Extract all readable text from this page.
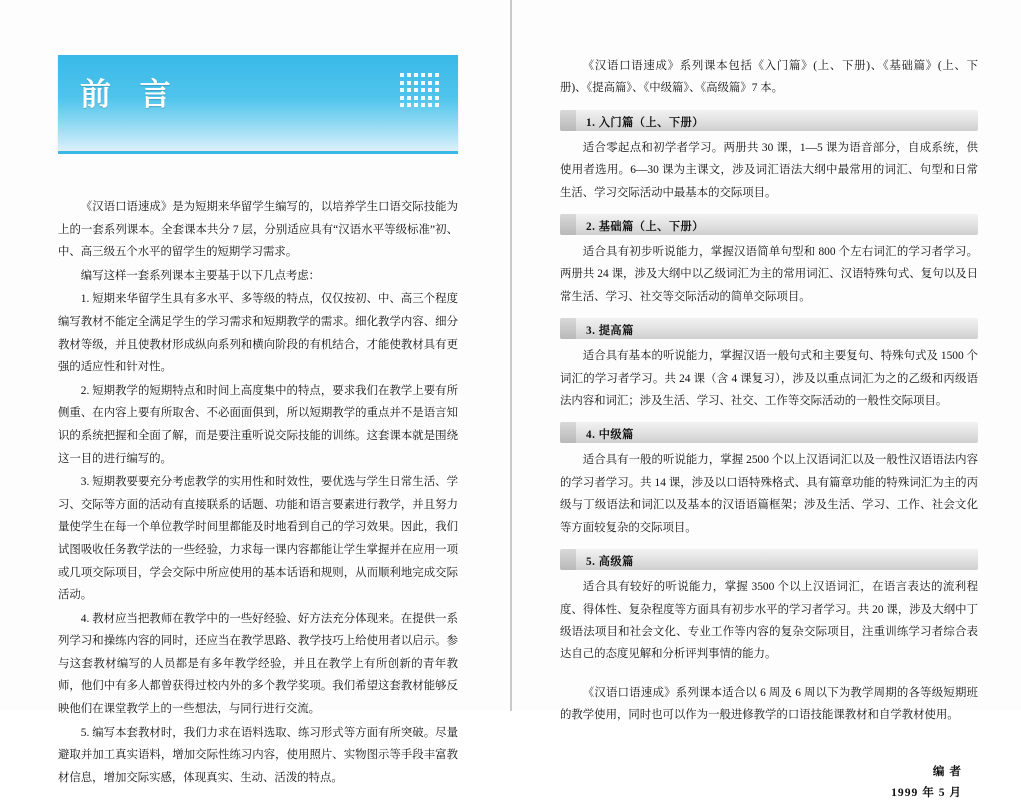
前 言

《汉语口语速成》是为短期来华留学生编写的，以培养学生口语交际技能为上的一套系列课本。全套课本共分 7 层，分别适应具有“汉语水平等级标准”初、中、高三级五个水平的留学生的短期学习需求。

编写这样一套系列课本主要基于以下几点考虑：

1. 短期来华留学生具有多水平、多等级的特点，仅仅按初、中、高三个程度编写教材不能定全满足学生的学习需求和短期教学的需求。细化教学内容、细分教材等级，并且使教材形成纵向系列和横向阶段的有机结合，才能使教材具有更强的适应性和针对性。

2. 短期教学的短期特点和时间上高度集中的特点，要求我们在教学上要有所侧重、在内容上要有所取舍、不必面面俱到，所以短期教学的重点并不是语言知识的系统把握和全面了解，而是要注重听说交际技能的训练。这套课本就是围绕这一目的进行编写的。

3. 短期教要要充分考虑教学的实用性和时效性，要优选与学生日常生活、学习、交际等方面的活动有直接联系的话题、功能和语言要素进行教学，并且努力量使学生在每一个单位教学时间里都能及时地看到自己的学习效果。因此，我们试图吸收任务教学法的一些经验，力求每一课内容都能让学生掌握并在应用一项或几项交际项目，学会交际中所应使用的基本话语和规则，从而顺利地完成交际活动。

4. 教材应当把教师在教学中的一些好经验、好方法充分体现来。在提供一系列学习和操练内容的同时，还应当在教学思路、教学技巧上给使用者以启示。参与这套教材编写的人员都是有多年教学经验，并且在教学上有所创新的青年教师，他们中有多人都曾获得过校内外的多个教学奖项。我们希望这套教材能够反映他们在课堂教学上的一些想法，与同行进行交流。

5. 编写本套教材时，我们力求在语料选取、练习形式等方面有所突破。尽量避取并加工真实语料，增加交际性练习内容，使用照片、实物图示等手段丰富教材信息，增加交际实感，体现真实、生动、活泼的特点。

《汉语口语速成》系列课本包括《入门篇》(上、下册)、《基础篇》(上、下册)、《提高篇》、《中级篇》、《高级篇》7 本。

1. 入门篇（上、下册）

适合零起点和初学者学习。两册共 30 课，1—5 课为语音部分，自成系统，供使用者选用。6—30 课为主课文，涉及词汇语法大纲中最常用的词汇、句型和日常生活、学习交际活动中最基本的交际项目。

2. 基础篇（上、下册）

适合具有初步听说能力，掌握汉语简单句型和 800 个左右词汇的学习者学习。两册共 24 课，涉及大纲中以乙级词汇为主的常用词汇、汉语特殊句式、复句以及日常生活、学习、社交等交际活动的简单交际项目。

3. 提高篇

适合具有基本的听说能力，掌握汉语一般句式和主要复句、特殊句式及 1500 个词汇的学习者学习。共 24 课（含 4 课复习），涉及以重点词汇为之的乙级和丙级语法内容和词汇；涉及生活、学习、社交、工作等交际活动的一般性交际项目。

4. 中级篇

适合具有一般的听说能力，掌握 2500 个以上汉语词汇以及一般性汉语语法内容的学习者学习。共 14 课，涉及以口语特殊格式、具有篇章功能的特殊词汇为主的丙级与丁级语法和词汇以及基本的汉语语篇框架；涉及生活、学习、工作、社会文化等方面较复杂的交际项目。

5. 高级篇

适合具有较好的听说能力，掌握 3500 个以上汉语词汇，在语言表达的流利程度、得体性、复杂程度等方面具有初步水平的学习者学习。共 20 课，涉及大纲中丁级语法项目和社会文化、专业工作等内容的复杂交际项目，注重训练学习者综合表达自己的态度见解和分析评判事情的能力。

《汉语口语速成》系列课本适合以 6 周及 6 周以下为教学周期的各等级短期班的教学使用，同时也可以作为一般进修教学的口语技能课教材和自学教材使用。

编 者
1999 年 5 月
